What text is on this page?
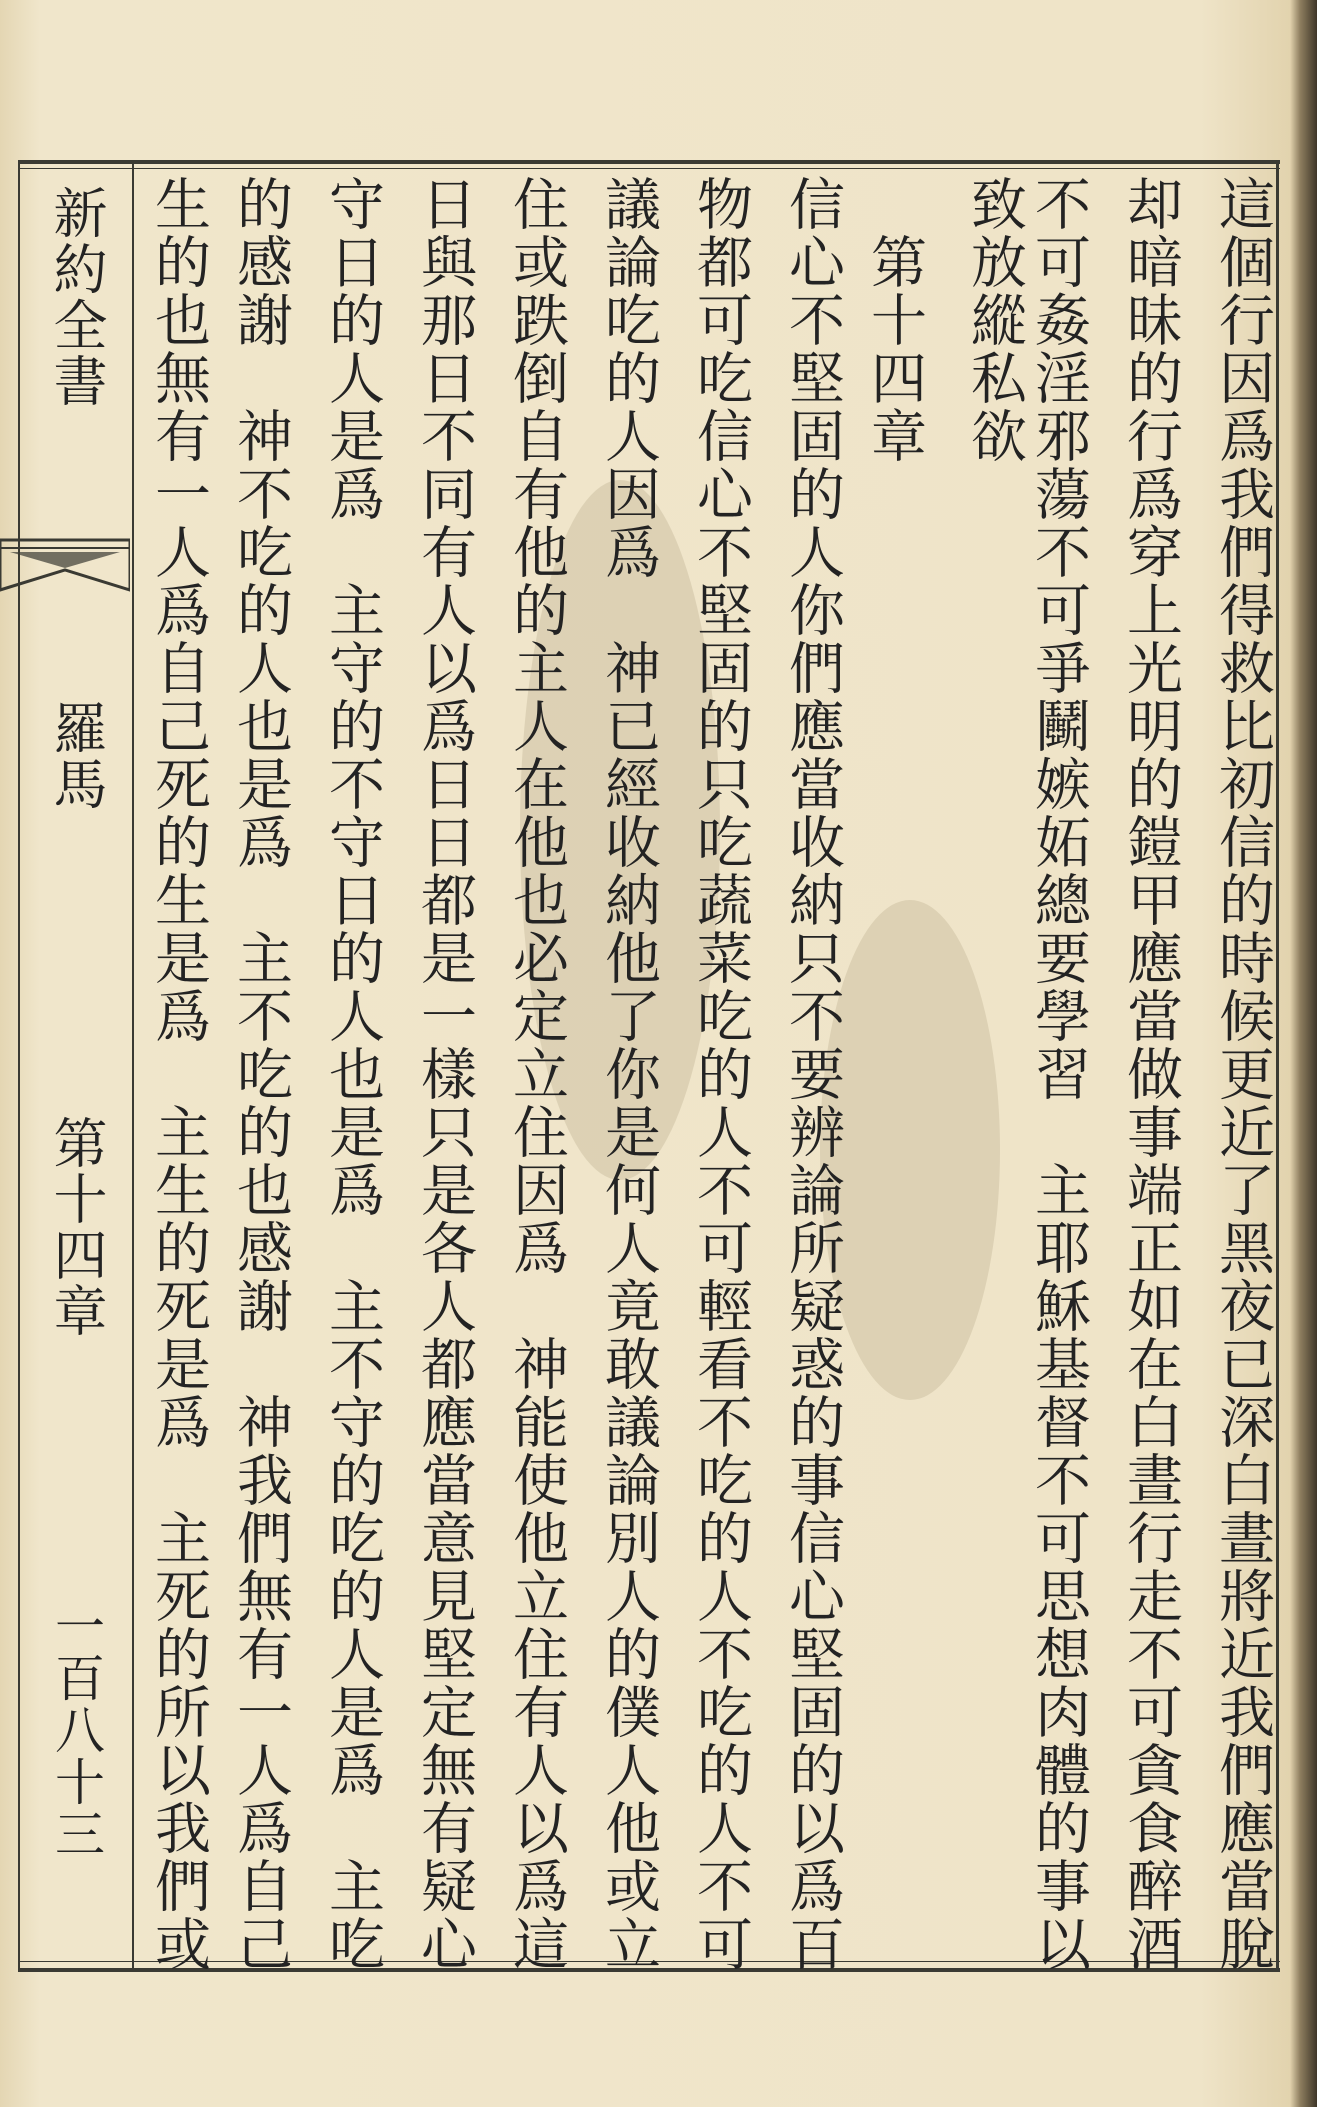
新約全書
羅馬
第十四章
一百八十三	這個行因爲我們得救比初信的時候更近了黑夜已深白晝將近我們應當脫
却暗昧的行爲穿上光明的鎧甲應當做事端正如在白晝行走不可貪食醉酒
不可姦淫邪蕩不可爭鬭嫉妬總要學習　主耶穌基督不可思想肉體的事以
致放縱私欲
　第十四章
信心不堅固的人你們應當收納只不要辨論所疑惑的事信心堅固的以爲百
物都可吃信心不堅固的只吃蔬菜吃的人不可輕看不吃的人不吃的人不可
議論吃的人因爲　神已經收納他了你是何人竟敢議論別人的僕人他或立
住或跌倒自有他的主人在他也必定立住因爲　神能使他立住有人以爲這
日與那日不同有人以爲日日都是一樣只是各人都應當意見堅定無有疑心
守日的人是爲　主守的不守日的人也是爲　主不守的吃的人是爲　主吃
的感謝　神不吃的人也是爲　主不吃的也感謝　神我們無有一人爲自己
生的也無有一人爲自己死的生是爲　主生的死是爲　主死的所以我們或
